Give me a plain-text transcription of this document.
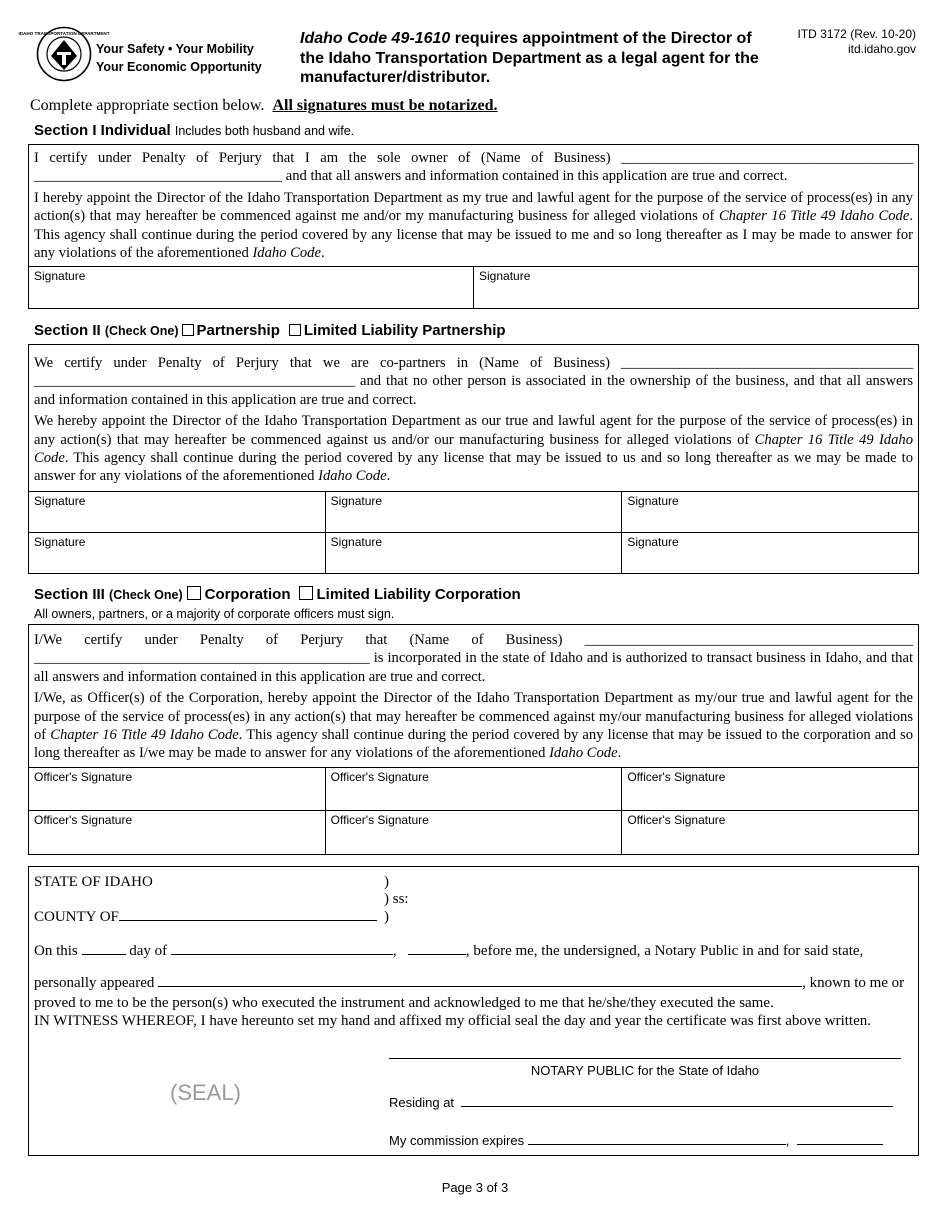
IDAHO TRANSPORTATION DEPARTMENT
Your Safety • Your Mobility
Your Economic Opportunity
Idaho Code 49-1610 requires appointment of the Director of the Idaho Transportation Department as a legal agent for the manufacturer/distributor.
ITD 3172 (Rev. 10-20)
itd.idaho.gov
Complete appropriate section below. All signatures must be notarized.
Section I Individual Includes both husband and wife.
I certify under Penalty of Perjury that I am the sole owner of (Name of Business) ________________________________________ __________________________________ and that all answers and information contained in this application are true and correct.
I hereby appoint the Director of the Idaho Transportation Department as my true and lawful agent for the purpose of the service of process(es) in any action(s) that may hereafter be commenced against me and/or my manufacturing business for alleged violations of Chapter 16 Title 49 Idaho Code. This agency shall continue during the period covered by any license that may be issued to me and so long thereafter as I may be made to answer for any violations of the aforementioned Idaho Code.
Signature	Signature
Section II (Check One) Partnership Limited Liability Partnership
We certify under Penalty of Perjury that we are co-partners in (Name of Business) ________________________________________ ____________________________________________ and that no other person is associated in the ownership of the business, and that all answers and information contained in this application are true and correct.
We hereby appoint the Director of the Idaho Transportation Department as our true and lawful agent for the purpose of the service of process(es) in any action(s) that may hereafter be commenced against us and/or our manufacturing business for alleged violations of Chapter 16 Title 49 Idaho Code. This agency shall continue during the period covered by any license that may be issued to us and so long thereafter as we may be made to answer for any violations of the aforementioned Idaho Code.
Signature	Signature	Signature
Signature	Signature	Signature
Section III (Check One) Corporation Limited Liability Corporation
All owners, partners, or a majority of corporate officers must sign.
I/We certify under Penalty of Perjury that (Name of Business) _____________________________________________ ______________________________________________ is incorporated in the state of Idaho and is authorized to transact business in Idaho, and that all answers and information contained in this application are true and correct.
I/We, as Officer(s) of the Corporation, hereby appoint the Director of the Idaho Transportation Department as my/our true and lawful agent for the purpose of the service of process(es) in any action(s) that may hereafter be commenced against my/our manufacturing business for alleged violations of Chapter 16 Title 49 Idaho Code. This agency shall continue during the period covered by any license that may be issued to the corporation and so long thereafter as I/we may be made to answer for any violations of the aforementioned Idaho Code.
Officer's Signature	Officer's Signature	Officer's Signature
Officer's Signature	Officer's Signature	Officer's Signature
STATE OF IDAHO	)
) ss:
COUNTY OF	)
On this	day of	,	, before me, the undersigned, a Notary Public in and for said state,
personally appeared	, known to me or
proved to me to be the person(s) who executed the instrument and acknowledged to me that he/she/they executed the same.
IN WITNESS WHEREOF, I have hereunto set my hand and affixed my official seal the day and year the certificate was first above written.
NOTARY PUBLIC for the State of Idaho
(SEAL)	Residing at
My commission expires	,
Page 3 of 3
